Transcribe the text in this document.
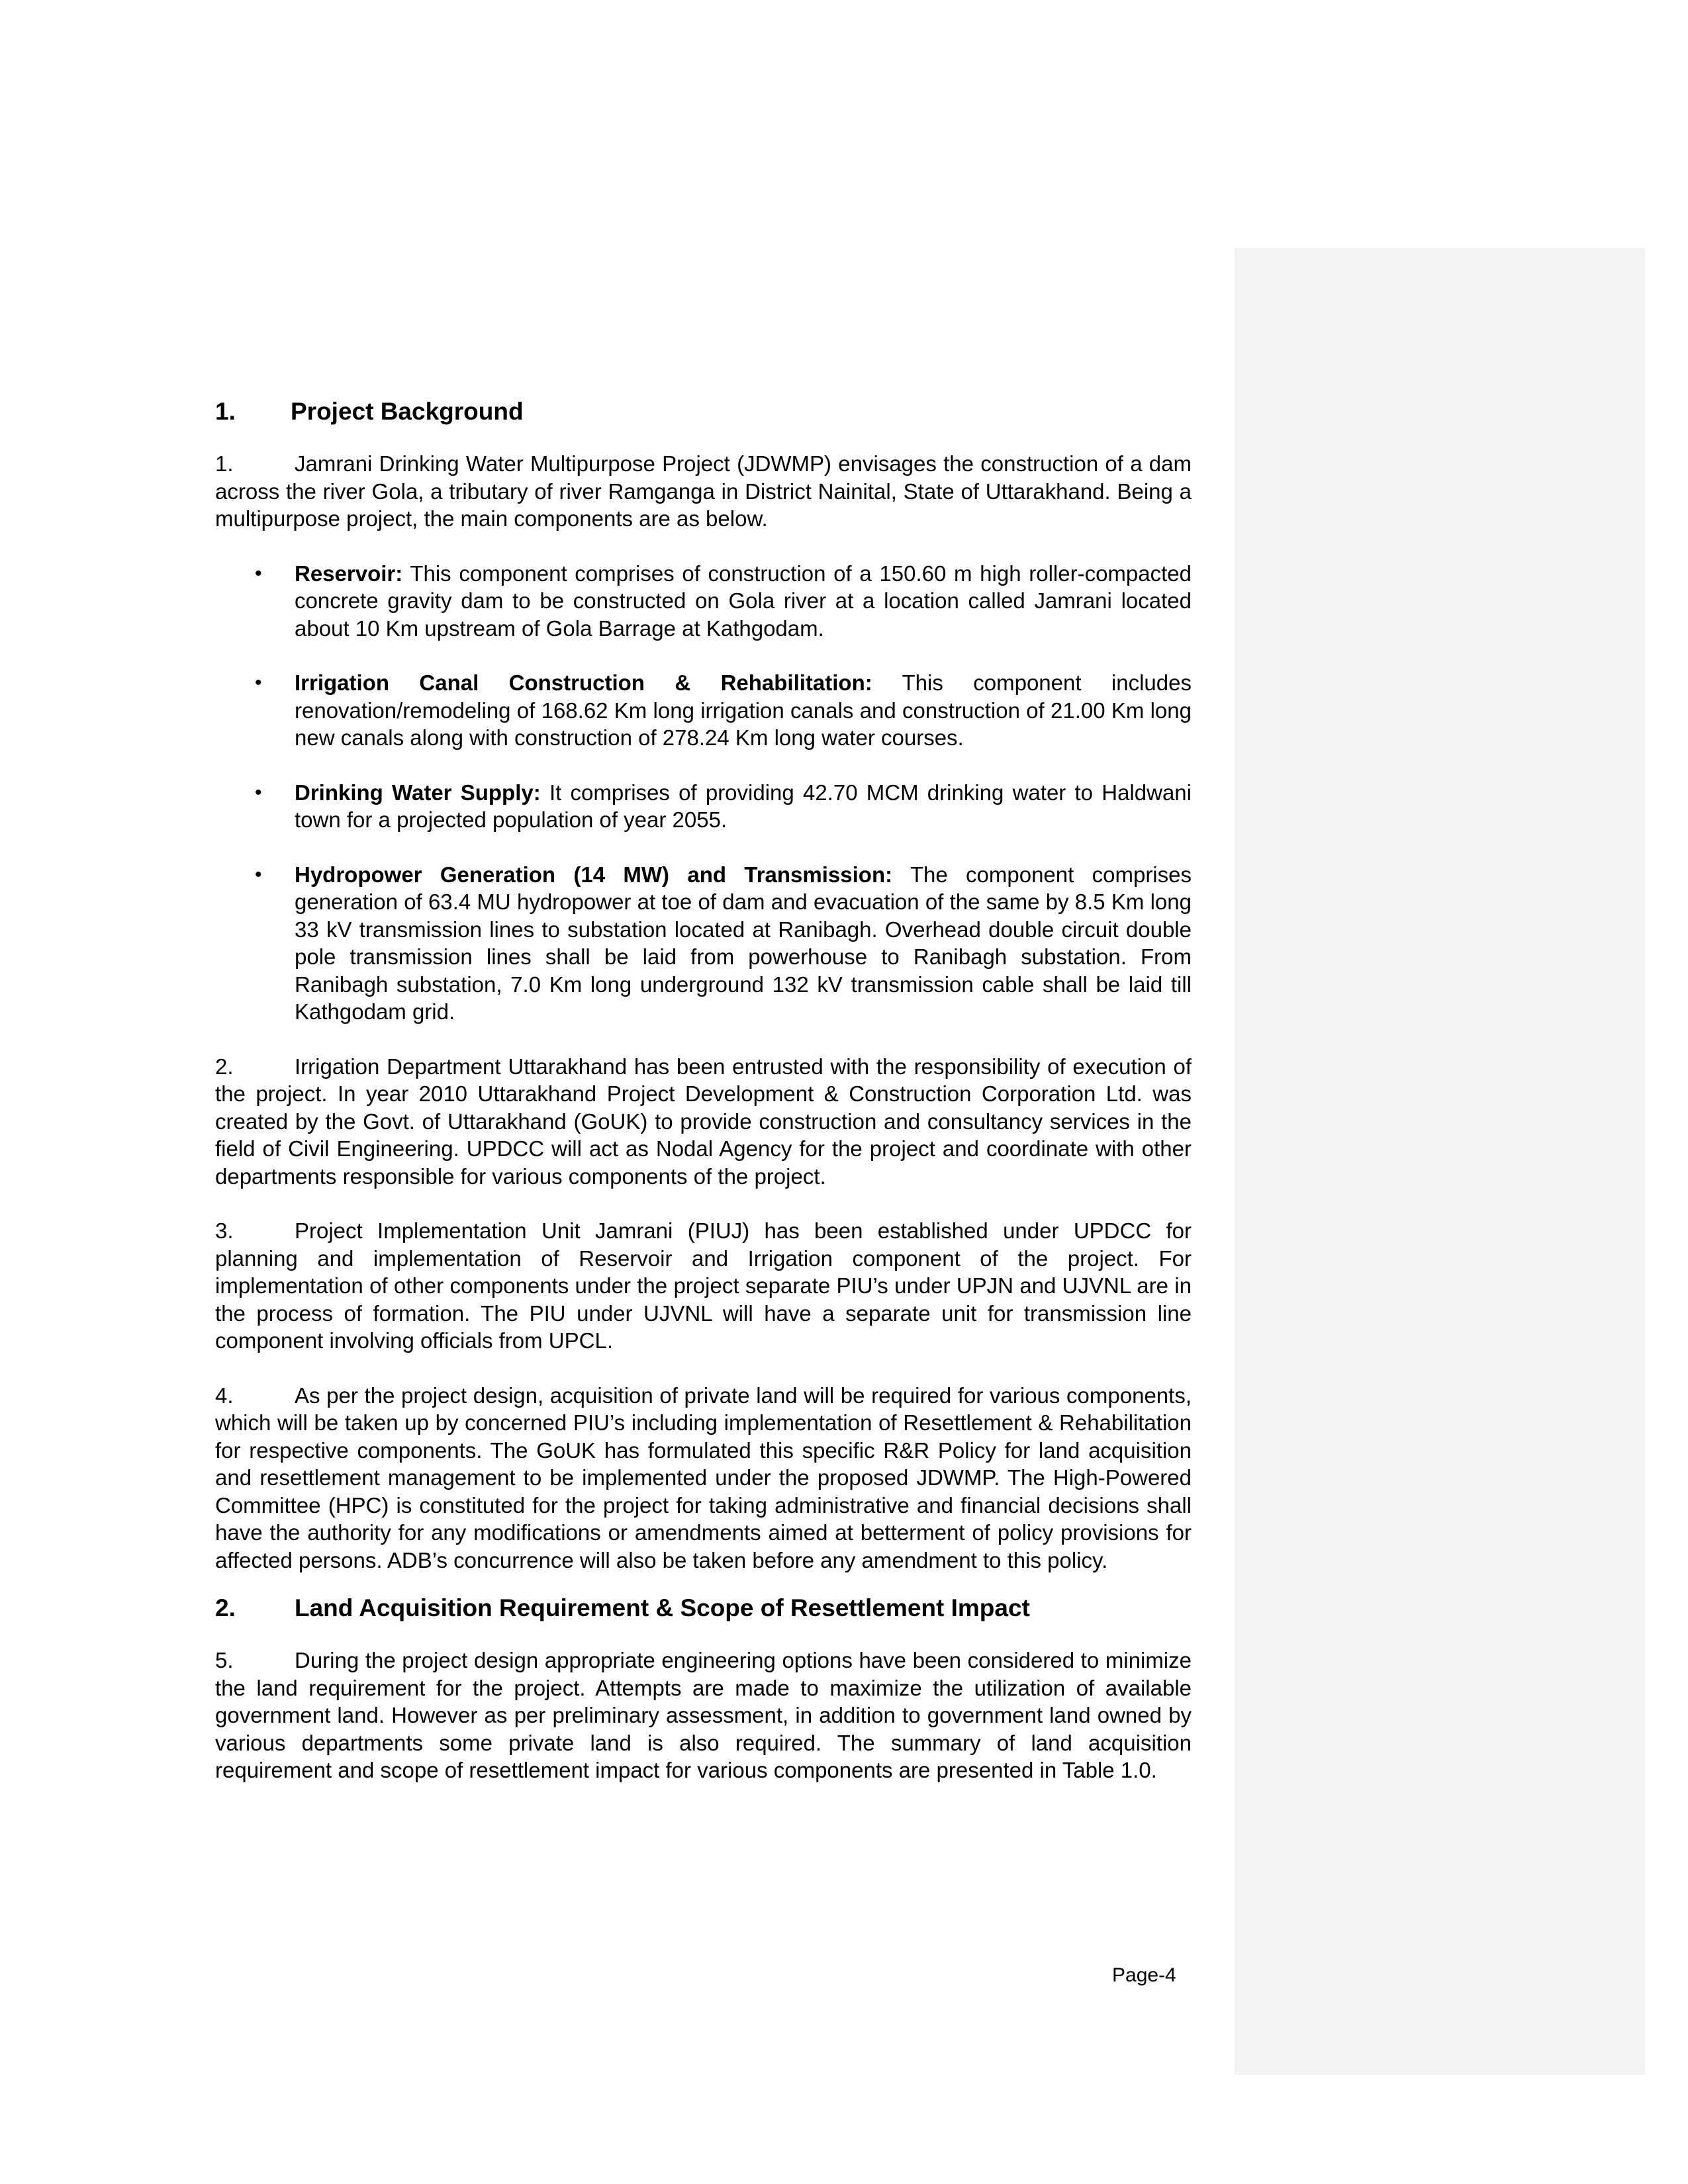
1.	Project Background

1.	Jamrani Drinking Water Multipurpose Project (JDWMP) envisages the construction of a dam across the river Gola, a tributary of river Ramganga in District Nainital, State of Uttarakhand. Being a multipurpose project, the main components are as below.

• Reservoir: This component comprises of construction of a 150.60 m high roller-compacted concrete gravity dam to be constructed on Gola river at a location called Jamrani located about 10 Km upstream of Gola Barrage at Kathgodam.
• Irrigation Canal Construction & Rehabilitation: This component includes renovation/remodeling of 168.62 Km long irrigation canals and construction of 21.00 Km long new canals along with construction of 278.24 Km long water courses.
• Drinking Water Supply: It comprises of providing 42.70 MCM drinking water to Haldwani town for a projected population of year 2055.
• Hydropower Generation (14 MW) and Transmission: The component comprises generation of 63.4 MU hydropower at toe of dam and evacuation of the same by 8.5 Km long 33 kV transmission lines to substation located at Ranibagh. Overhead double circuit double pole transmission lines shall be laid from powerhouse to Ranibagh substation. From Ranibagh substation, 7.0 Km long underground 132 kV transmission cable shall be laid till Kathgodam grid.

2.	Irrigation Department Uttarakhand has been entrusted with the responsibility of execution of the project. In year 2010 Uttarakhand Project Development & Construction Corporation Ltd. was created by the Govt. of Uttarakhand (GoUK) to provide construction and consultancy services in the field of Civil Engineering. UPDCC will act as Nodal Agency for the project and coordinate with other departments responsible for various components of the project.

3.	Project Implementation Unit Jamrani (PIUJ) has been established under UPDCC for planning and implementation of Reservoir and Irrigation component of the project. For implementation of other components under the project separate PIU’s under UPJN and UJVNL are in the process of formation. The PIU under UJVNL will have a separate unit for transmission line component involving officials from UPCL.

4.	As per the project design, acquisition of private land will be required for various components, which will be taken up by concerned PIU’s including implementation of Resettlement & Rehabilitation for respective components. The GoUK has formulated this specific R&R Policy for land acquisition and resettlement management to be implemented under the proposed JDWMP. The High-Powered Committee (HPC) is constituted for the project for taking administrative and financial decisions shall have the authority for any modifications or amendments aimed at betterment of policy provisions for affected persons. ADB’s concurrence will also be taken before any amendment to this policy.

2.	Land Acquisition Requirement & Scope of Resettlement Impact

5.	During the project design appropriate engineering options have been considered to minimize the land requirement for the project. Attempts are made to maximize the utilization of available government land. However as per preliminary assessment, in addition to government land owned by various departments some private land is also required. The summary of land acquisition requirement and scope of resettlement impact for various components are presented in Table 1.0.

Page-4
